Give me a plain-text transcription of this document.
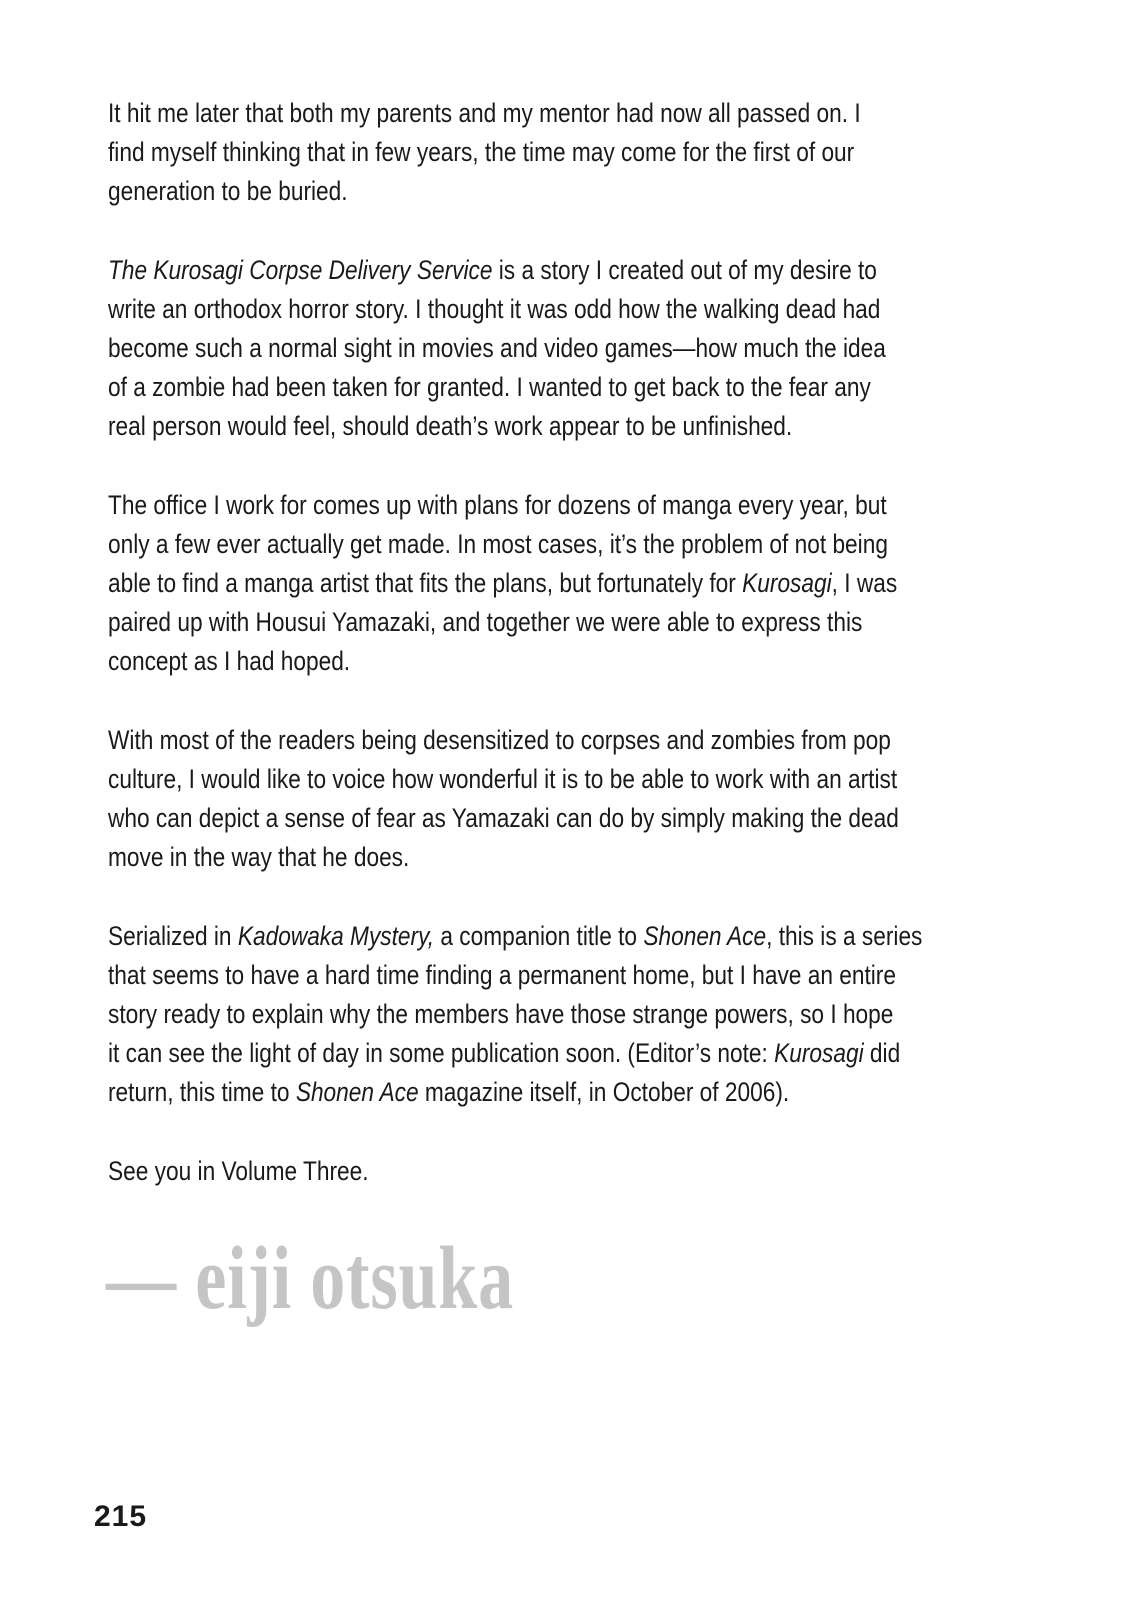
It hit me later that both my parents and my mentor had now all passed on. I
find myself thinking that in few years, the time may come for the first of our
generation to be buried.
The Kurosagi Corpse Delivery Service is a story I created out of my desire to
write an orthodox horror story. I thought it was odd how the walking dead had
become such a normal sight in movies and video games—how much the idea
of a zombie had been taken for granted. I wanted to get back to the fear any
real person would feel, should death’s work appear to be unfinished.
The office I work for comes up with plans for dozens of manga every year, but
only a few ever actually get made. In most cases, it’s the problem of not being
able to find a manga artist that fits the plans, but fortunately for Kurosagi, I was
paired up with Housui Yamazaki, and together we were able to express this
concept as I had hoped.
With most of the readers being desensitized to corpses and zombies from pop
culture, I would like to voice how wonderful it is to be able to work with an artist
who can depict a sense of fear as Yamazaki can do by simply making the dead
move in the way that he does.
Serialized in Kadowaka Mystery, a companion title to Shonen Ace, this is a series
that seems to have a hard time finding a permanent home, but I have an entire
story ready to explain why the members have those strange powers, so I hope
it can see the light of day in some publication soon. (Editor’s note: Kurosagi did
return, this time to Shonen Ace magazine itself, in October of 2006).
See you in Volume Three.
— eiji otsuka
215
